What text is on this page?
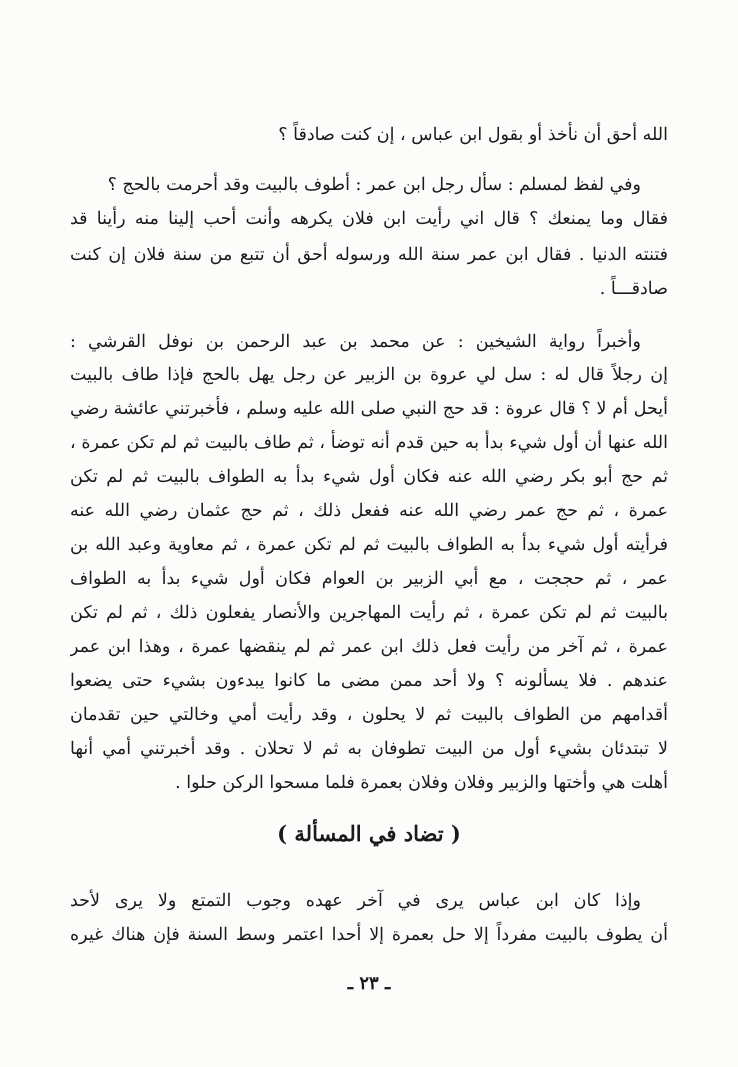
الله أحق أن نأخذ أو بقول ابن عباس ، إن كنت صادقاً ؟
وفي لفظ لمسلم : سأل رجل ابن عمر : أطوف بالبيت وقد أحرمت بالحج ؟
فقال وما يمنعك ؟ قال اني رأيت ابن فلان يكرهه وأنت أحب إلينا منه رأينا قد
فتنته الدنيا . فقال ابن عمر سنة الله ورسوله أحق أن تتبع من سنة فلان إن كنت
صادقـــاً .
وأخبراً رواية الشيخين : عن محمد بن عبد الرحمن بن نوفل القرشي :
إن رجلاً قال له : سل لي عروة بن الزبير عن رجل يهل بالحج فإذا طاف بالبيت
أيحل أم لا ؟ قال عروة : قد حج النبي صلى الله عليه وسلم ، فأخبرتني عائشة رضي
الله عنها أن أول شيء بدأ به حين قدم أنه توضأ ، ثم طاف بالبيت ثم لم تكن عمرة ،
ثم حج أبو بكر رضي الله عنه فكان أول شيء بدأ به الطواف بالبيت ثم لم تكن
عمرة ، ثم حج عمر رضي الله عنه ففعل ذلك ، ثم حج عثمان رضي الله عنه
فرأيته أول شيء بدأ به الطواف بالبيت ثم لم تكن عمرة ، ثم معاوية وعبد الله بن
عمر ، ثم حججت ، مع أبي الزبير بن العوام فكان أول شيء بدأ به الطواف
بالبيت ثم لم تكن عمرة ، ثم رأيت المهاجرين والأنصار يفعلون ذلك ، ثم لم تكن
عمرة ، ثم آخر من رأيت فعل ذلك ابن عمر ثم لم ينقضها عمرة ، وهذا ابن عمر
عندهم . فلا يسألونه ؟ ولا أحد ممن مضى ما كانوا يبدءون بشيء حتى يضعوا
أقدامهم من الطواف بالبيت ثم لا يحلون ، وقد رأيت أمي وخالتي حين تقدمان
لا تبتدئان بشيء أول من البيت تطوفان به ثم لا تحلان . وقد أخبرتني أمي أنها
أهلت هي وأختها والزبير وفلان وفلان بعمرة فلما مسحوا الركن حلوا .
( تضاد في المسألة )
وإذا كان ابن عباس يرى في آخر عهده وجوب التمتع ولا يرى لأحد
أن يطوف بالبيت مفرداً إلا حل بعمرة إلا أحدا اعتمر وسط السنة فإن هناك غيره
ـ ٢٣ ـ
